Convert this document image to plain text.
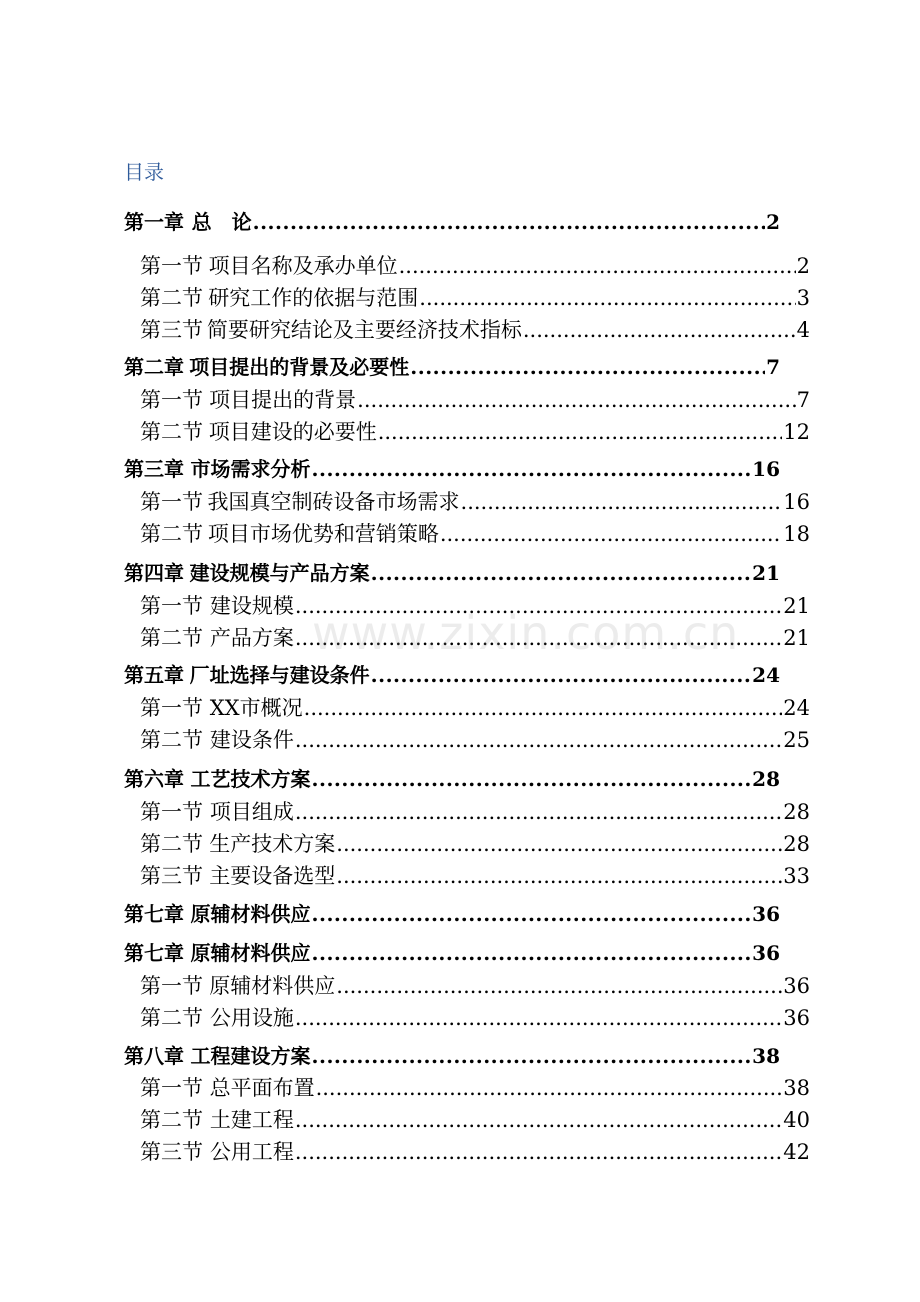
目录
第一章 总　论 .....	2
第一节 项目名称及承办单位 .....	2
第二节 研究工作的依据与范围 .....	3
第三节 简要研究结论及主要经济技术指标 .....	4
第二章 项目提出的背景及必要性 .....	7
第一节 项目提出的背景 .....	7
第二节 项目建设的必要性 .....	12
第三章 市场需求分析 .....	16
第一节 我国真空制砖设备市场需求 .....	16
第二节 项目市场优势和营销策略 .....	18
第四章 建设规模与产品方案 .....	21
第一节 建设规模 .....	21
第二节 产品方案 .....	21
第五章 厂址选择与建设条件 .....	24
第一节 XX市概况 .....	24
第二节 建设条件 .....	25
第六章 工艺技术方案 .....	28
第一节 项目组成 .....	28
第二节 生产技术方案 .....	28
第三节 主要设备选型 .....	33
第七章 原辅材料供应 .....	36
第七章 原辅材料供应 .....	36
第一节 原辅材料供应 .....	36
第二节 公用设施 .....	36
第八章 工程建设方案 .....	38
第一节 总平面布置 .....	38
第二节 土建工程 .....	40
第三节 公用工程 .....	42
www.zixin.com.cn
